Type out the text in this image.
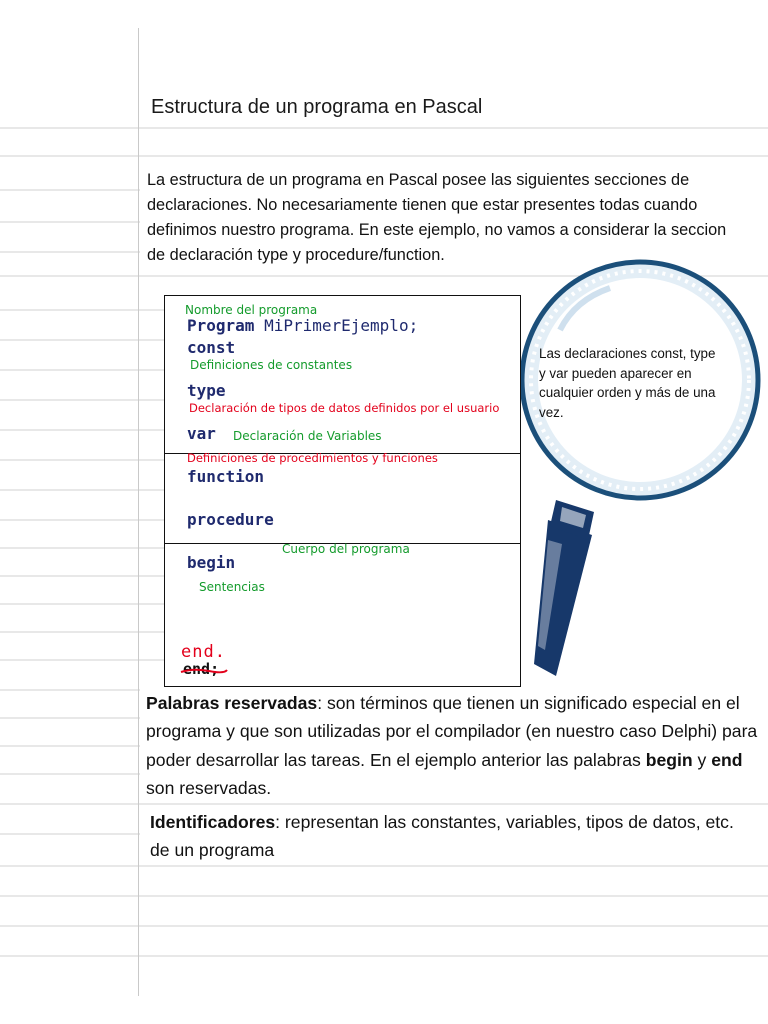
Estructura de un programa en Pascal
La estructura de un programa en Pascal posee las siguientes secciones de declaraciones. No necesariamente tienen que estar presentes todas cuando definimos nuestro programa. En este ejemplo, no vamos a considerar la seccion de declaración type y procedure/function.
Las declaraciones const, type y var pueden aparecer en cualquier orden y más de una vez.
Nombre del programa
Program MiPrimerEjemplo;
const
Definiciones de constantes
type
Declaración de tipos de datos definidos por el usuario
var Declaración de Variables
Definiciones de procedimientos y funciones
function
procedure
Cuerpo del programa
begin
Sentencias
end.
end;
Palabras reservadas: son términos que tienen un significado especial en el programa y que son utilizadas por el compilador (en nuestro caso Delphi) para poder desarrollar las tareas. En el ejemplo anterior las palabras begin y end son reservadas.
Identificadores: representan las constantes, variables, tipos de datos, etc. de un programa
